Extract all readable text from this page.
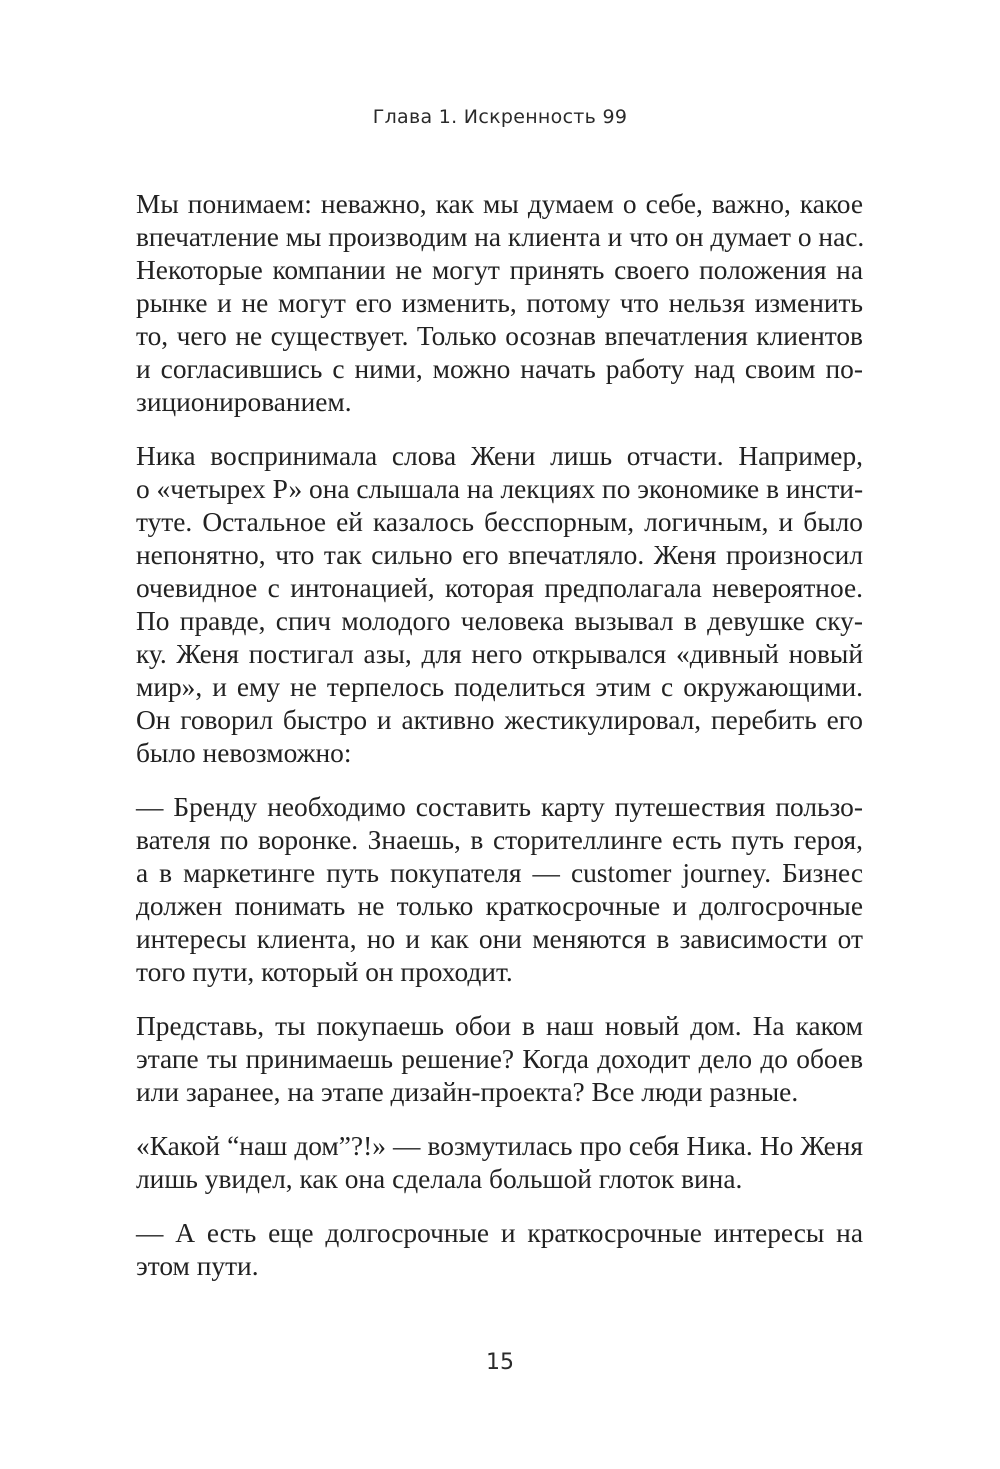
Глава 1. Искренность 99

Мы понимаем: неважно, как мы думаем о себе, важно, какое
впечатление мы производим на клиента и что он думает о нас.
Некоторые компании не могут принять своего положения на
рынке и не могут его изменить, потому что нельзя изменить
то, чего не существует. Только осознав впечатления клиентов
и согласившись с ними, можно начать работу над своим по-
зиционированием.

Ника воспринимала слова Жени лишь отчасти. Например,
о «четырех Р» она слышала на лекциях по экономике в инсти-
туте. Остальное ей казалось бесспорным, логичным, и было
непонятно, что так сильно его впечатляло. Женя произносил
очевидное с интонацией, которая предполагала невероятное.
По правде, спич молодого человека вызывал в девушке ску-
ку. Женя постигал азы, для него открывался «дивный новый
мир», и ему не терпелось поделиться этим с окружающими.
Он говорил быстро и активно жестикулировал, перебить его
было невозможно:

— Бренду необходимо составить карту путешествия пользо-
вателя по воронке. Знаешь, в сторителлинге есть путь героя,
а в маркетинге путь покупателя — customer journey. Бизнес
должен понимать не только краткосрочные и долгосрочные
интересы клиента, но и как они меняются в зависимости от
того пути, который он проходит.

Представь, ты покупаешь обои в наш новый дом. На каком
этапе ты принимаешь решение? Когда доходит дело до обоев
или заранее, на этапе дизайн-проекта? Все люди разные.

«Какой “наш дом”?!» — возмутилась про себя Ника. Но Женя
лишь увидел, как она сделала большой глоток вина.

— А есть еще долгосрочные и краткосрочные интересы на
этом пути.

15
